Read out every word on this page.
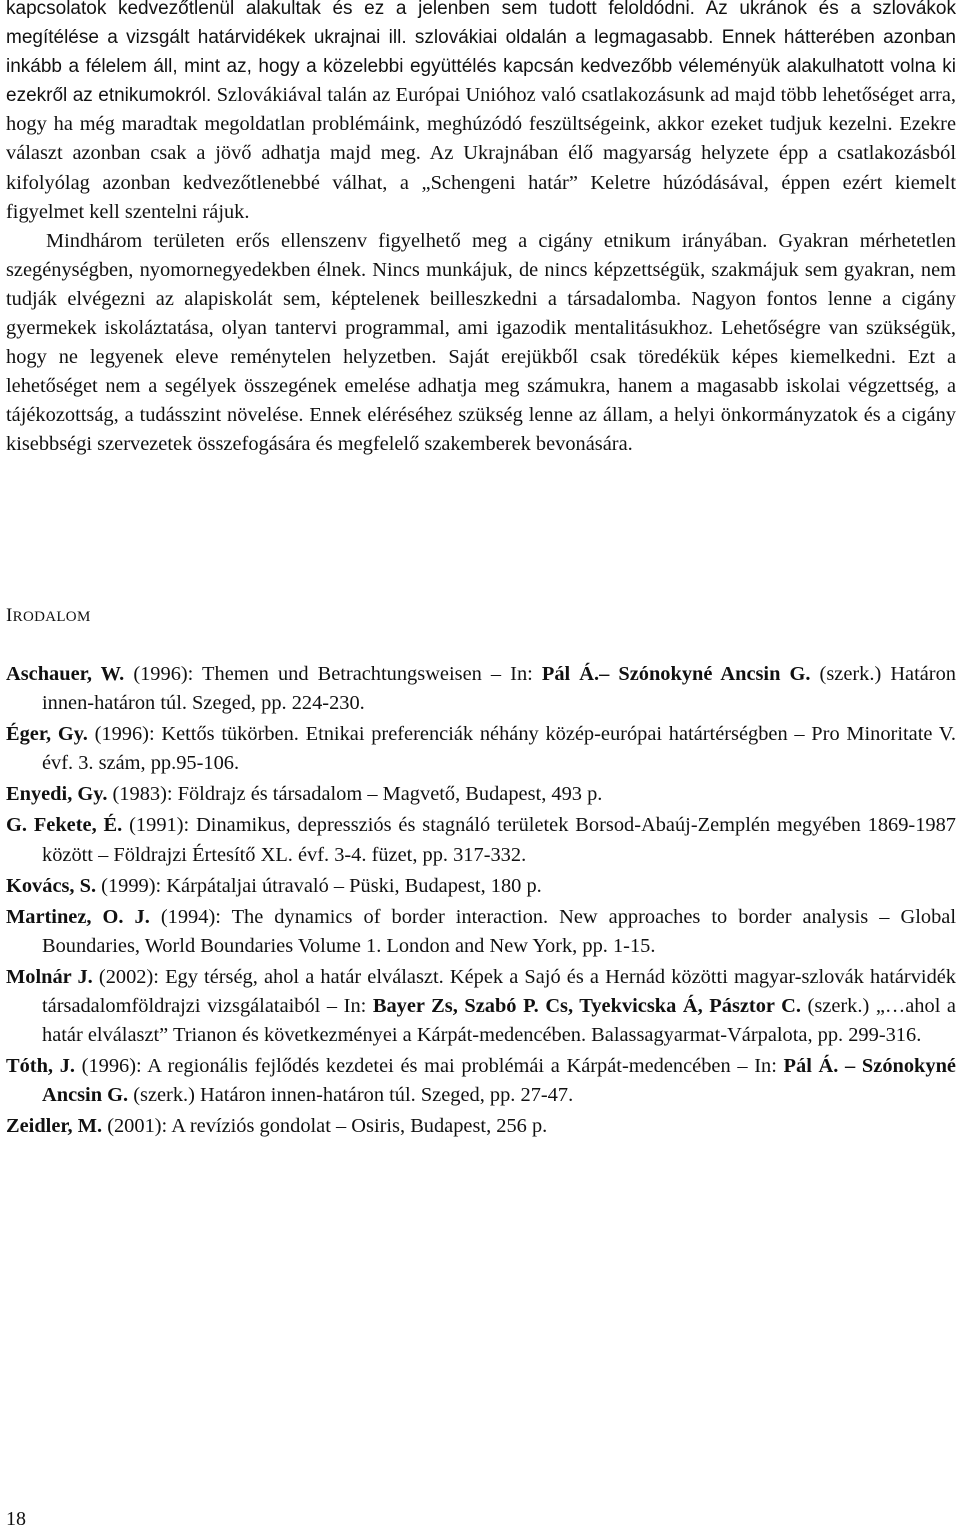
kapcsolatok kedvezőtlenül alakultak és ez a jelenben sem tudott feloldódni. Az ukránok és a szlovákok megítélése a vizsgált határvidékek ukrajnai ill. szlovákiai oldalán a legmagasabb. Ennek hátterében azonban inkább a félelem áll, mint az, hogy a közelebbi együttélés kapcsán kedvezőbb véleményük alakulhatott volna ki ezekről az etnikumokról. Szlovákiával talán az Európai Unióhoz való csatlakozásunk ad majd több lehetőséget arra, hogy ha még maradtak megoldatlan problémáink, meghúzódó feszültségeink, akkor ezeket tudjuk kezelni. Ezekre választ azonban csak a jövő adhatja majd meg. Az Ukrajnában élő magyarság helyzete épp a csatlakozásból kifolyólag azonban kedvezőtlenebbé válhat, a „Schengeni határ” Keletre húzódásával, éppen ezért kiemelt figyelmet kell szentelni rájuk.

Mindhárom területen erős ellenszenv figyelhető meg a cigány etnikum irányában. Gyakran mérhetetlen szegénységben, nyomornegyedekben élnek. Nincs munkájuk, de nincs képzettségük, szakmájuk sem gyakran, nem tudják elvégezni az alapiskolát sem, képtelenek beilleszkedni a társadalomba. Nagyon fontos lenne a cigány gyermekek iskoláztatása, olyan tantervi programmal, ami igazodik mentalitásukhoz. Lehetőségre van szükségük, hogy ne legyenek eleve reménytelen helyzetben. Saját erejükből csak töredékük képes kiemelkedni. Ezt a lehetőséget nem a segélyek összegének emelése adhatja meg számukra, hanem a magasabb iskolai végzettség, a tájékozottság, a tudásszint növelése. Ennek eléréséhez szükség lenne az állam, a helyi önkormányzatok és a cigány kisebbségi szervezetek összefogására és megfelelő szakemberek bevonására.

IRODALOM

Aschauer, W. (1996): Themen und Betrachtungsweisen – In: Pál Á.– Szónokyné Ancsin G. (szerk.) Határon innen-határon túl. Szeged, pp. 224-230.

Éger, Gy. (1996): Kettős tükörben. Etnikai preferenciák néhány közép-európai határtérségben – Pro Minoritate V. évf. 3. szám, pp.95-106.

Enyedi, Gy. (1983): Földrajz és társadalom – Magvető, Budapest, 493 p.

G. Fekete, É. (1991): Dinamikus, depressziós és stagnáló területek Borsod-Abaúj-Zemplén megyében 1869-1987 között – Földrajzi Értesítő XL. évf. 3-4. füzet, pp. 317-332.

Kovács, S. (1999): Kárpátaljai útravaló – Püski, Budapest, 180 p.

Martinez, O. J. (1994): The dynamics of border interaction. New approaches to border analysis – Global Boundaries, World Boundaries Volume 1. London and New York, pp. 1-15.

Molnár J. (2002): Egy térség, ahol a határ elválaszt. Képek a Sajó és a Hernád közötti magyar-szlovák határvidék társadalomföldrajzi vizsgálataiból – In: Bayer Zs, Szabó P. Cs, Tyekvicska Á, Pásztor C. (szerk.) „…ahol a határ elválaszt” Trianon és következményei a Kárpát-medencében. Balassagyarmat-Várpalota, pp. 299-316.

Tóth, J. (1996): A regionális fejlődés kezdetei és mai problémái a Kárpát-medencében – In: Pál Á. – Szónokyné Ancsin G. (szerk.) Határon innen-határon túl. Szeged, pp. 27-47.

Zeidler, M. (2001): A revíziós gondolat – Osiris, Budapest, 256 p.

18
